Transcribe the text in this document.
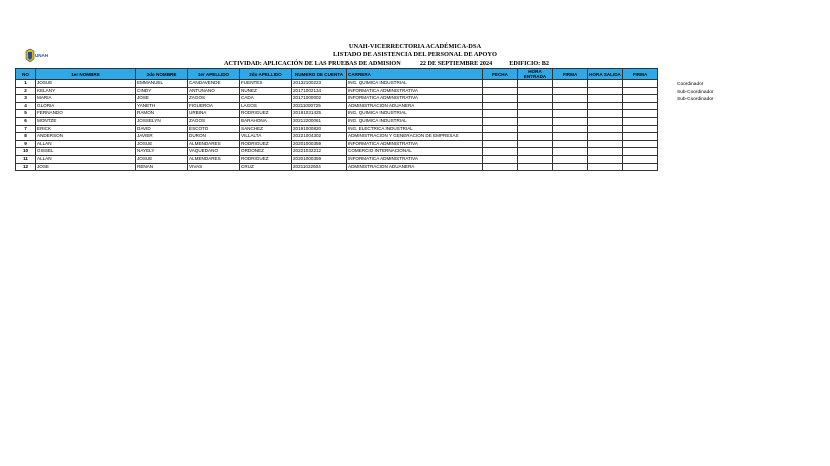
UNAH
UNAH-VICERRECTORIA ACADÉMICA-DSA
LISTADO DE ASISTENCIA DEL PERSONAL DE APOYO
ACTIVIDAD: APLICACIÓN DE LAS PRUEBAS DE ADMISION	22 DE SEPTIEMBRE 2024	EDIFICIO: B2
NO	1er NOMBRE	2do NOMBRE	1er APELLIDO	2do APELLIDO	NUMERO DE CUENTA	CARRERA	FECHA	HORA ENTRADA	FIRMA	HORA SALIDA	FIRMA
1	JOSUE	EMMANUEL	CANDAVENDE	FUENTES	20132100223	ING. QUIMICA INDUSTRIAL					
2	KELANY	CINDY	ANTUNANO	NUNEZ	20171002134	INFORMATICA ADMINISTRATIVA					
3	MARIA	JOSE	ZAGOS	CADA	20171000002	INFORMATICA ADMINISTRATIVA					
4	GLORIA	YANETH	FIGUEROA	LAGOS	20211000725	ADMINISTRACION ADUANERA					
5	FERNANDO	RAMON	URBINA	RODRIGUEZ	20191031425	ING. QUIMICA INDUSTRIAL					
6	MONTZE	JOSSELYN	ZAGOS	BARAHONA	20212200061	ING. QUIMICA INDUSTRIAL					
7	ERICK	DAVID	ESCOTO	SANCHEZ	20191000820	ING. ELECTRICA INDUSTRIAL					
8	ANDERSON	JAVIER	DURON	VILLALTA	20221004302	ADMINISTRACION Y GENERACION DE EMPRESAS					
9	ALLAN	JOSUE	ALMENDARES	RODRIGUEZ	20201000359	INFORMATICA ADMINISTRATIVA					
10	GISSEL	NAYELY	VAQUEDANO	ORDONEZ	20221032212	COMERCIO INTERNACIONAL					
11	ALLAN	JOSUE	ALMENDARES	RODRIGUEZ	20201000359	INFORMATICA ADMINISTRATIVA					
12	JOSE	RENAN	VIVAS	CRUZ	20211022604	ADMINISTRACION ADUANERA					
Coordinador
Sub-Coordinador
Sub-Coordinador
